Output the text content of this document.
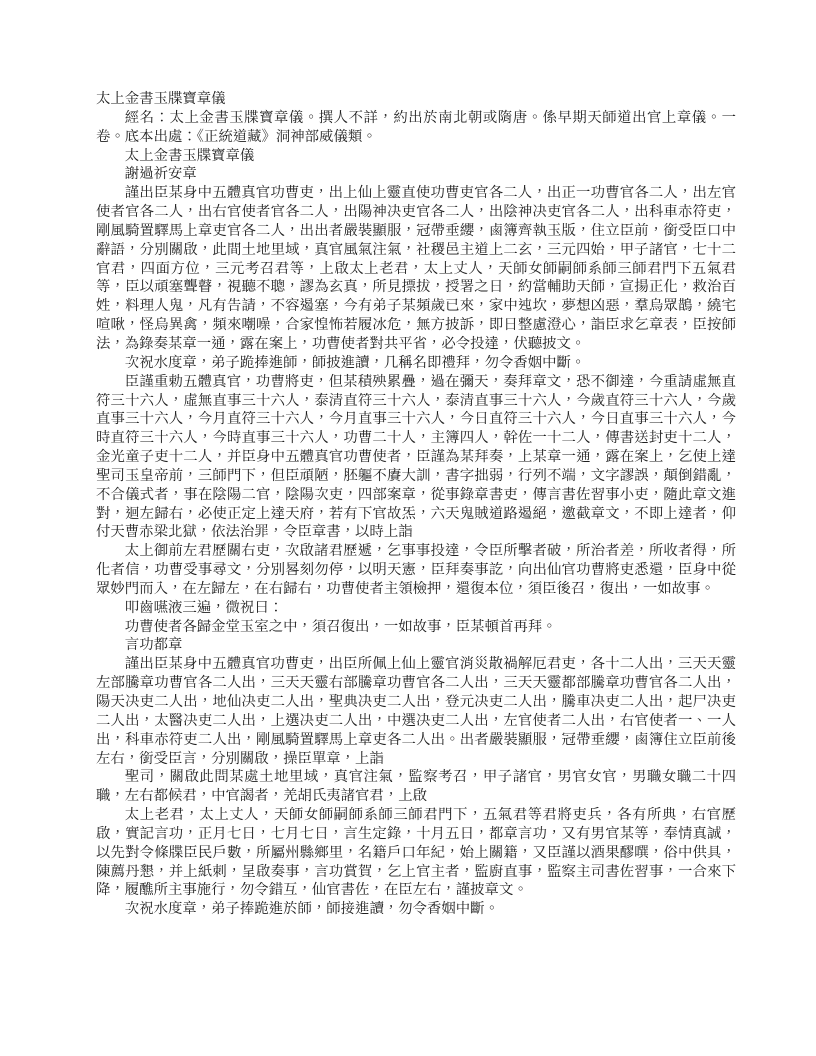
太上金書玉牒寶章儀

經名：太上金書玉牒寶章儀。撰人不詳，約出於南北朝或隋唐。係早期天師道出官上章儀。一卷。底本出處：《正統道藏》洞神部威儀類。

太上金書玉牒寶章儀

謝過祈安章

謹出臣某身中五體真官功曹吏，出上仙上靈直使功曹吏官各二人，出正一功曹官各二人，出左官使者官各二人，出右官使者官各二人，出陽神决吏官各二人，出陰神决吏官各二人，出科車赤符吏，剛風騎置驛馬上章吏官各二人，出出者嚴裝顯服，冠帶垂纓，鹵簿齊執玉版，住立臣前，銜受臣口中辭語，分別關啟，此間土地里域，真官風氣注氣，社稷邑主道上二玄，三元四始，甲子諸官，七十二官君，四面方位，三元考召君等，上啟太上老君，太上丈人，天師女師嗣師系師三師君門下五氣君等，臣以頑塞聾瞽，視聽不聰，謬為玄真，所見摽拔，授署之日，約當輔助天師，宣揚正化，救治百姓，料理人鬼，凡有告請，不容遏塞，今有弟子某頻歲已來，家中迍坎，夢想凶惡，羣烏眾鵲，繞宅喧啾，怪烏異禽，頻來嘲噪，合家惶怖若履冰危，無方披訴，即日整慮澄心，詣臣求乞章表，臣按師法，為錄奏某章一通，露在案上，功曹使者對共平省，必令投達，伏聽披文。

次祝水度章，弟子跪捧進師，師披進讀，几稱名即禮拜，勿令香姻中斷。

臣謹重勅五體真官，功曹將吏，但某積殃累疊，過在彌天，奏拜章文，恐不御達，今重請虛無直符三十六人，虛無直事三十六人，泰清直符三十六人，泰清直事三十六人，今歲直符三十六人，今歲直事三十六人，今月直符三十六人，今月直事三十六人，今日直符三十六人，今日直事三十六人，今時直符三十六人，今時直事三十六人，功曹二十人，主簿四人，幹佐一十二人，傳書送封吏十二人，金光童子吏十二人，并臣身中五體真官功曹使者，臣謹為某拜奏，上某章一通，露在案上，乞使上達聖司玉皇帝前，三師門下，但臣頑陋，胚軀不賡大訓，書字拙弱，行列不端，文字謬誤，顛倒錯亂，不合儀式者，事在陰陽二官，陰陽次吏，四部案章，從事錄章書吏，傳言書佐習事小吏，隨此章文進對，迴左歸右，必使正定上達天府，若有下官故炁，六天鬼賊道路遏絕，邀截章文，不即上達者，仰付天曹赤梁北獄，依法治罪，令臣章書，以時上詣

太上御前左君歷關右吏，次啟諸君歷遞，乞事事投達，令臣所擊者破，所治者差，所收者得，所化者信，功曹受事尋文，分別晷刻勿停，以明天憲，臣拜奏事訖，向出仙官功曹將吏悉還，臣身中從眾妙門而入，在左歸左，在右歸右，功曹使者主領檢押，還復本位，須臣後召，復出，一如故事。

叩齒嚥液三遍，微祝曰：

功曹使者各歸金堂玉室之中，須召復出，一如故事，臣某頓首再拜。

言功都章

謹出臣某身中五體真官功曹吏，出臣所佩上仙上靈官消災散禍解厄君吏，各十二人出，三天天靈左部騰章功曹官各二人出，三天天靈右部騰章功曹官各二人出，三天天靈都部騰章功曹官各二人出，陽天决吏二人出，地仙决吏二人出，聖典决吏二人出，登元决吏二人出，騰車决吏二人出，起尸决吏二人出，太醫决吏二人出，上選决吏二人出，中選决吏二人出，左官使者二人出，右官使者一、一人出，科車赤符吏二人出，剛風騎置驛馬上章吏各二人出。出者嚴裝顯服，冠帶垂纓，鹵簿住立臣前後左右，銜受臣言，分別關啟，操臣單章，上詣

聖司，關啟此問某處土地里域，真官注氣，監察考召，甲子諸官，男官女官，男職女職二十四職，左右都候君，中官謁者，羌胡氏夷諸官君，上啟

太上老君，太上丈人，天師女師嗣師系師三師君門下，五氣君等君將吏兵，各有所典，右官歷啟，實記言功，正月七日，七月七日，言生定錄，十月五日，都章言功，又有男官某等，奉情真誠，以先對令條牒臣民戶數，所屬州縣鄉里，名籍戶口年紀，始上關籍，又臣謹以酒果醪噀，俗中供具，陳薦丹懇，并上紙刺，呈啟奏事，言功賞賀，乞上官主者，監廚直事，監察主司書佐習事，一合來下降，履醮所主事施行，勿令錯互，仙官書佐，在臣左右，謹披章文。

次祝水度章，弟子捧跪進於師，師接進讀，勿令香姻中斷。
